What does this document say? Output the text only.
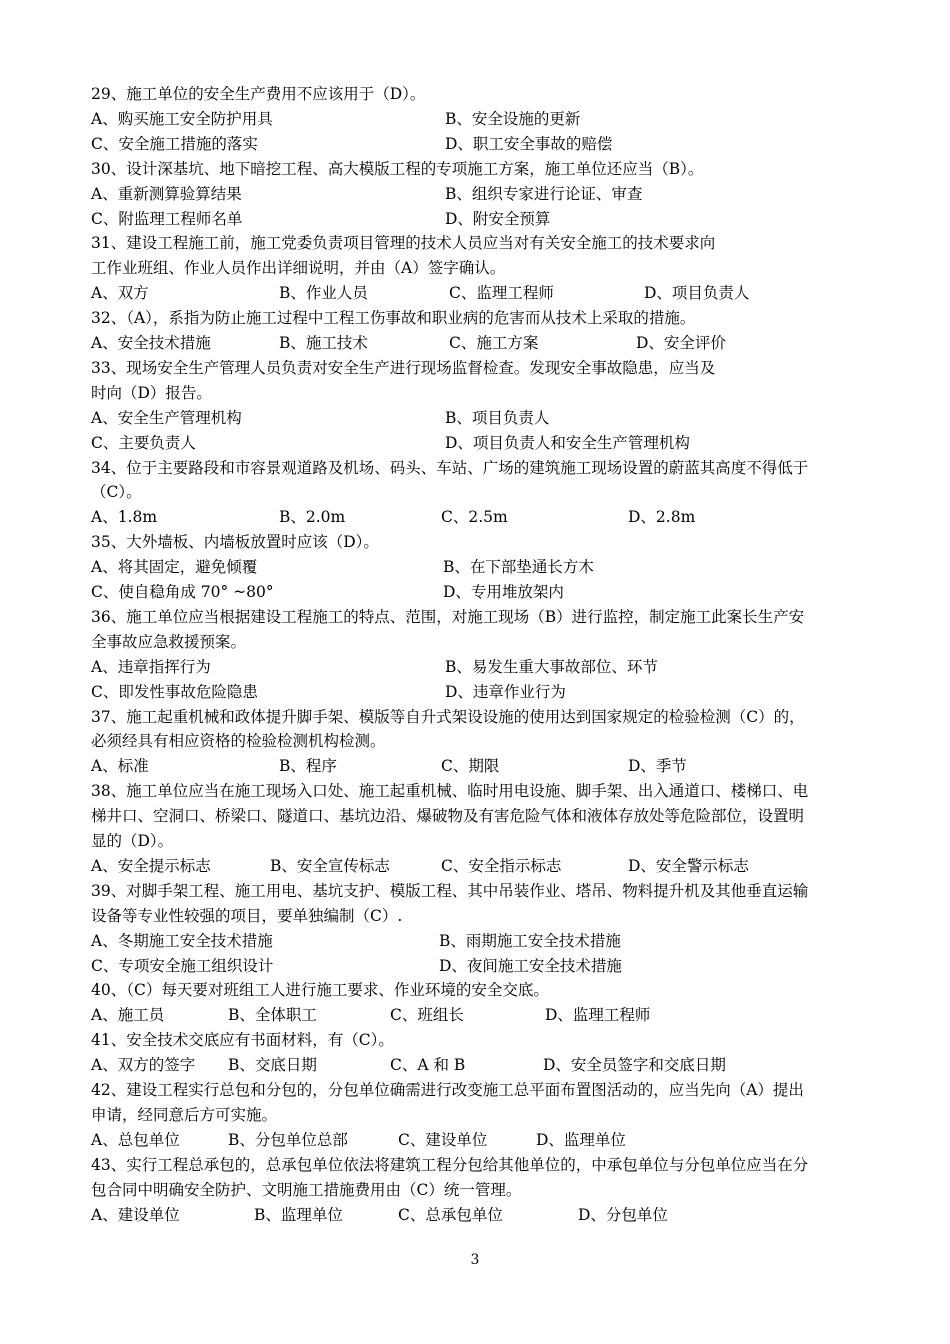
29、施工单位的安全生产费用不应该用于（D）。
A、购买施工安全防护用具	B、安全设施的更新
C、安全施工措施的落实	D、职工安全事故的赔偿
30、设计深基坑、地下暗挖工程、高大模版工程的专项施工方案，施工单位还应当（B）。
A、重新测算验算结果	B、组织专家进行论证、审查
C、附监理工程师名单	D、附安全预算
31、建设工程施工前，施工党委负责项目管理的技术人员应当对有关安全施工的技术要求向
工作业班组、作业人员作出详细说明，并由（A）签字确认。
A、双方	B、作业人员	C、监理工程师	D、项目负责人
32、（A），系指为防止施工过程中工程工伤事故和职业病的危害而从技术上采取的措施。
A、安全技术措施	B、施工技术	C、施工方案	D、安全评价
33、现场安全生产管理人员负责对安全生产进行现场监督检查。发现安全事故隐患，应当及
时向（D）报告。
A、安全生产管理机构	B、项目负责人
C、主要负责人	D、项目负责人和安全生产管理机构
34、位于主要路段和市容景观道路及机场、码头、车站、广场的建筑施工现场设置的蔚蓝其高度不得低于
（C）。
A、1.8m	B、2.0m	C、2.5m	D、2.8m
35、大外墙板、内墙板放置时应该（D）。
A、将其固定，避免倾覆	B、在下部垫通长方木
C、使自稳角成 70° ~80°	D、专用堆放架内
36、施工单位应当根据建设工程施工的特点、范围，对施工现场（B）进行监控，制定施工此案长生产安
全事故应急救援预案。
A、违章指挥行为	B、易发生重大事故部位、环节
C、即发性事故危险隐患	D、违章作业行为
37、施工起重机械和政体提升脚手架、模版等自升式架设设施的使用达到国家规定的检验检测（C）的，
必须经具有相应资格的检验检测机构检测。
A、标准	B、程序	C、期限	D、季节
38、施工单位应当在施工现场入口处、施工起重机械、临时用电设施、脚手架、出入通道口、楼梯口、电
梯井口、空洞口、桥梁口、隧道口、基坑边沿、爆破物及有害危险气体和液体存放处等危险部位，设置明
显的（D）。
A、安全提示标志	B、安全宣传标志	C、安全指示标志	D、安全警示标志
39、对脚手架工程、施工用电、基坑支护、模版工程、其中吊装作业、塔吊、物料提升机及其他垂直运输
设备等专业性较强的项目，要单独编制（C）.
A、冬期施工安全技术措施	B、雨期施工安全技术措施
C、专项安全施工组织设计	D、夜间施工安全技术措施
40、（C）每天要对班组工人进行施工要求、作业环境的安全交底。
A、施工员	B、全体职工	C、班组长	D、监理工程师
41、安全技术交底应有书面材料，有（C）。
A、双方的签字 B、交底日期	C、A 和 B	D、安全员签字和交底日期
42、建设工程实行总包和分包的，分包单位确需进行改变施工总平面布置图活动的，应当先向（A）提出
申请，经同意后方可实施。
A、总包单位	B、分包单位总部	C、建设单位	D、监理单位
43、实行工程总承包的，总承包单位依法将建筑工程分包给其他单位的，中承包单位与分包单位应当在分
包合同中明确安全防护、文明施工措施费用由（C）统一管理。
A、建设单位	B、监理单位	C、总承包单位	D、分包单位
3
